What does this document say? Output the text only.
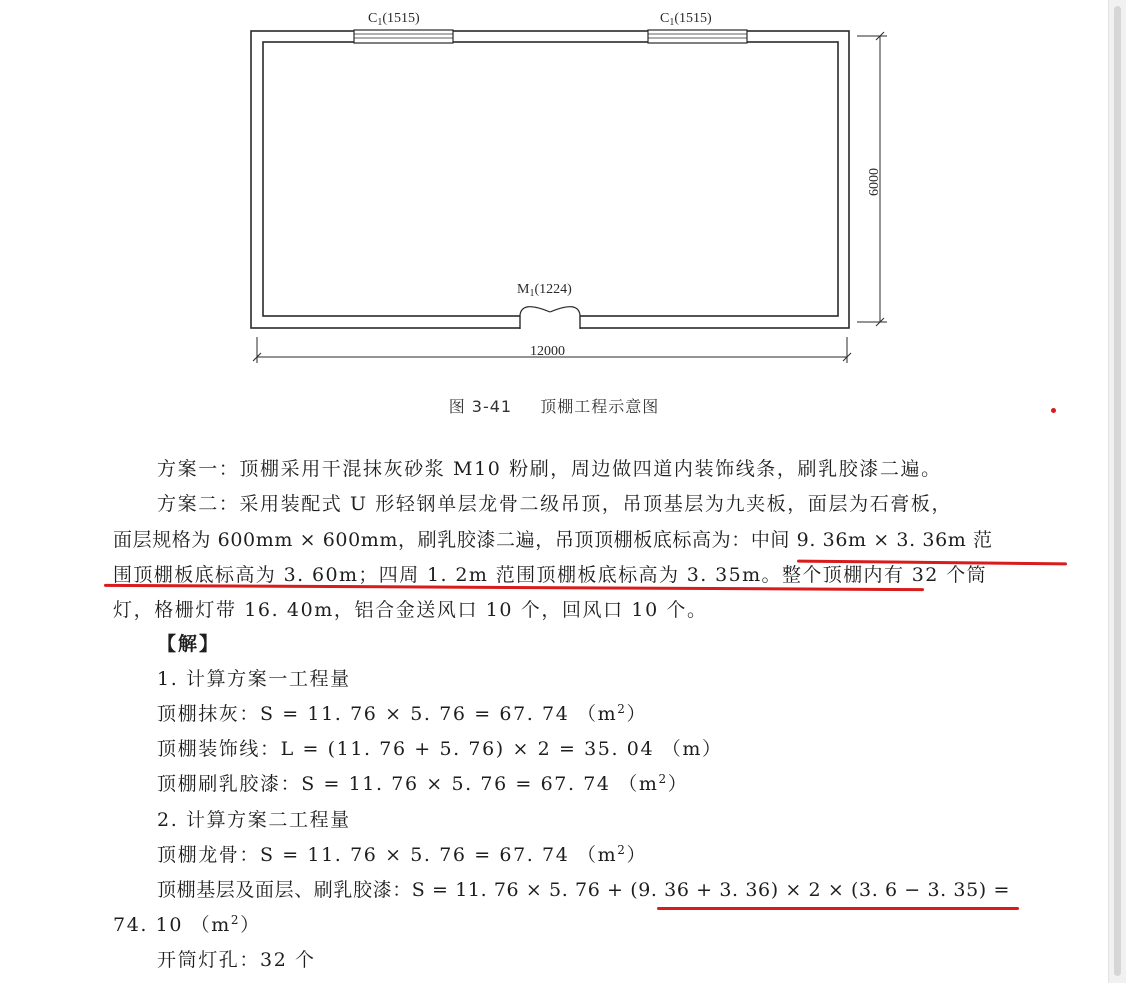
$C_1(1515)$	$C_1(1515)$
$M_1(1224)$
12000
6000
图 3-41 顶棚工程示意图
方案一：顶棚采用干混抹灰砂浆 M10 粉刷，周边做四道内装饰线条，刷乳胶漆二遍。
方案二：采用装配式 U 形轻钢单层龙骨二级吊顶，吊顶基层为九夹板，面层为石膏板，
面层规格为 600mm × 600mm，刷乳胶漆二遍，吊顶顶棚板底标高为：中间 9. 36m × 3. 36m 范
围顶棚板底标高为 3. 60m；四周 1. 2m 范围顶棚板底标高为 3. 35m。整个顶棚内有 32 个筒
灯，格栅灯带 16. 40m，铝合金送风口 10 个，回风口 10 个。
【解】
1. 计算方案一工程量
顶棚抹灰：S = 11. 76 × 5. 76 = 67. 74 $(m^2)$
顶棚装饰线：L = (11. 76 + 5. 76) × 2 = 35. 04 （m）
顶棚刷乳胶漆：S = 11. 76 × 5. 76 = 67. 74 $(m^2)$
2. 计算方案二工程量
顶棚龙骨：S = 11. 76 × 5. 76 = 67. 74 $(m^2)$
顶棚基层及面层、刷乳胶漆：S = 11. 76 × 5. 76 + (9. 36 + 3. 36) × 2 × (3. 6 − 3. 35) =
74. 10 $(m^2)$
开筒灯孔：32 个
